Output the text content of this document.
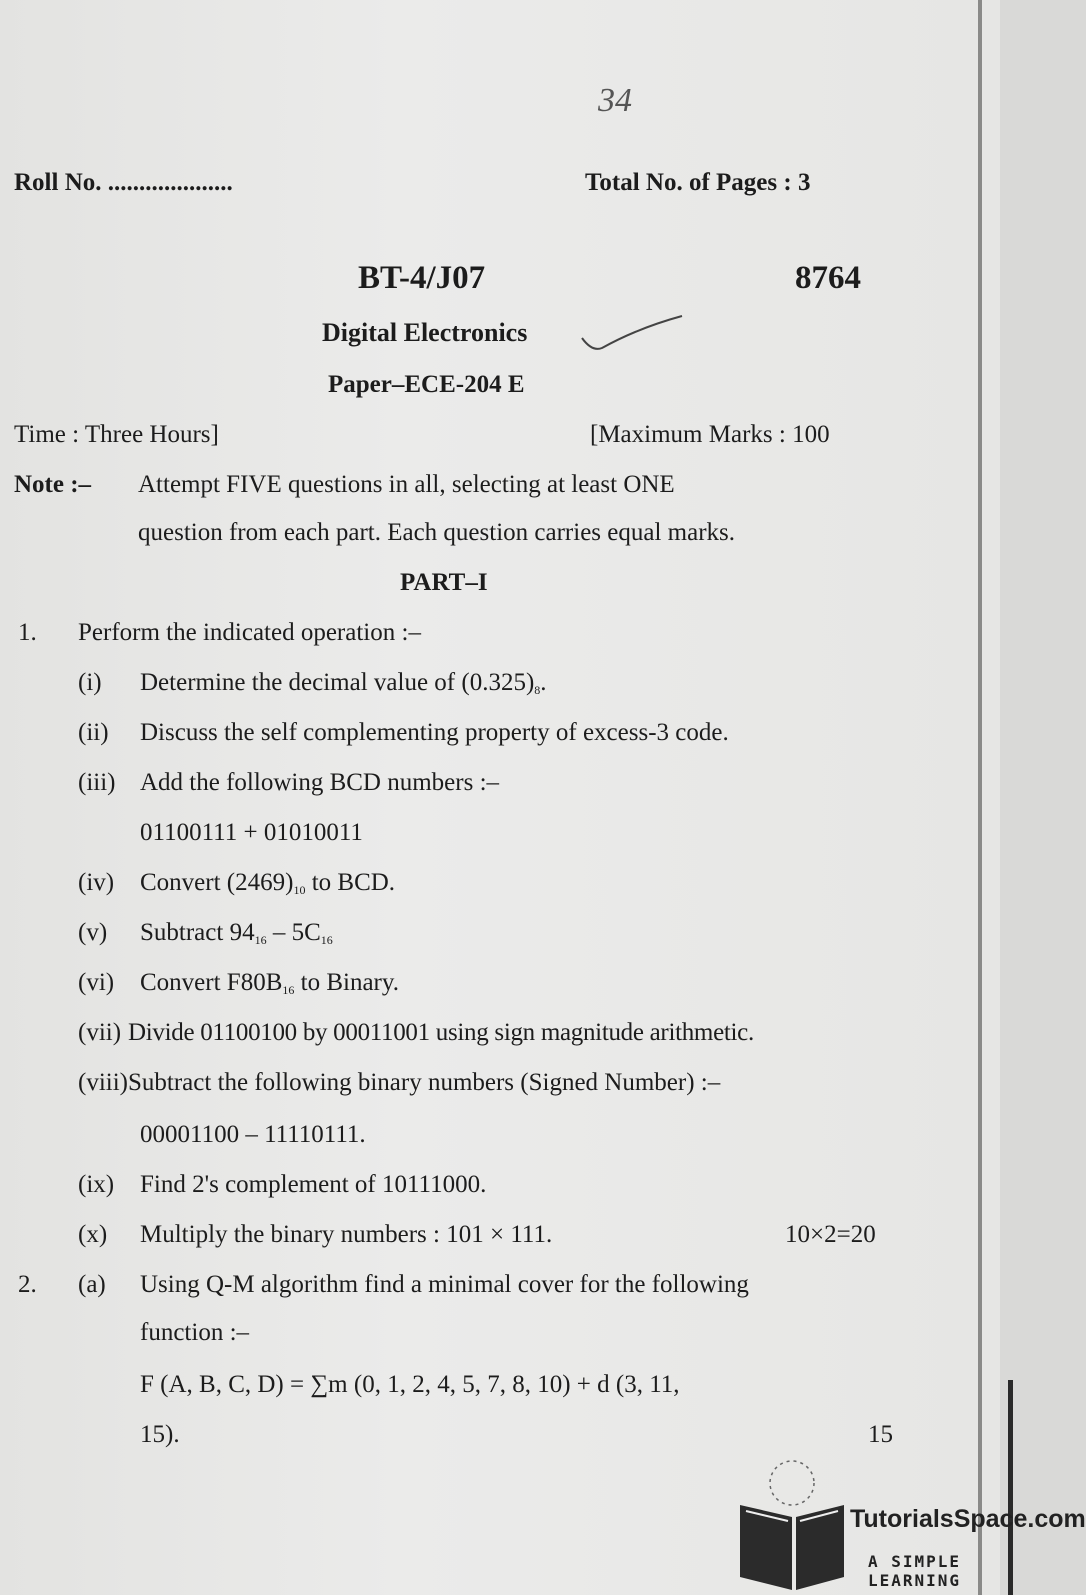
34
Roll No. ....................	Total No. of Pages : 3
BT-4/J07	8764
Digital Electronics
Paper–ECE-204 E
Time : Three Hours]	[Maximum Marks : 100
Note :– Attempt FIVE questions in all, selecting at least ONE
question from each part. Each question carries equal marks.
PART–I
1. Perform the indicated operation :–
(i) Determine the decimal value of $(0.325)_8$.
(ii) Discuss the self complementing property of excess-3 code.
(iii) Add the following BCD numbers :–
01100111 + 01010011
(iv) Convert $(2469)_{10}$ to BCD.
(v) Subtract $94_{16} - 5C_{16}$
(vi) Convert $F80B_{16}$ to Binary.
(vii) Divide 01100100 by 00011001 using sign magnitude arithmetic.
(viii) Subtract the following binary numbers (Signed Number) :–
00001100 – 11110111.
(ix) Find 2's complement of 10111000.
(x) Multiply the binary numbers : 101 × 111.	10×2=20
2. (a) Using Q-M algorithm find a minimal cover for the following
function :–
F (A, B, C, D) = ∑m (0, 1, 2, 4, 5, 7, 8, 10) + d (3, 11,
15).	15
TutorialsSpace.com
A SIMPLE LEARNING
